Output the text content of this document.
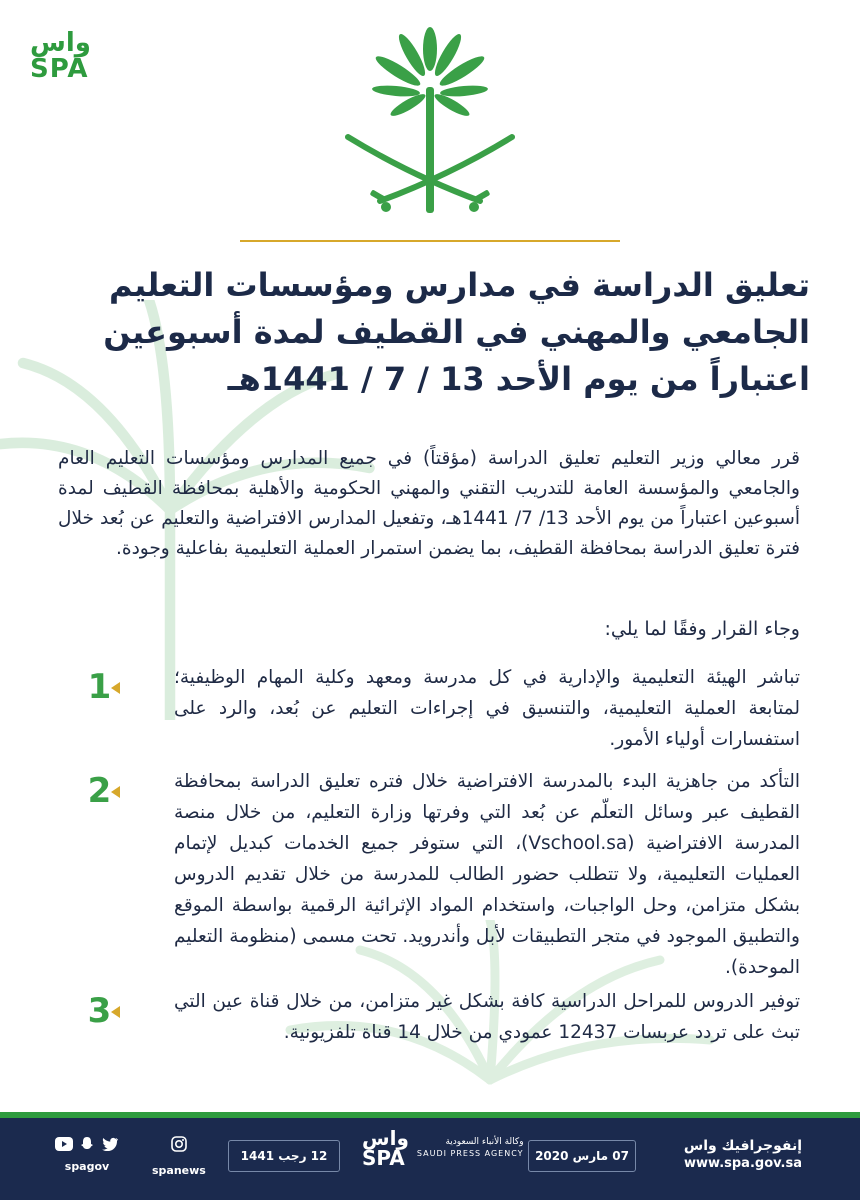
واس
SPA
تعليق الدراسة في مدارس ومؤسسات التعليم
الجامعي والمهني في القطيف لمدة أسبوعين
اعتباراً من يوم الأحد 13 / 7 / 1441هـ

قرر معالي وزير التعليم تعليق الدراسة (مؤقتاً) في جميع المدارس ومؤسسات التعليم العام والجامعي والمؤسسة العامة للتدريب التقني والمهني الحكومية والأهلية بمحافظة القطيف لمدة أسبوعين اعتباراً من يوم الأحد 13/ 7/ 1441هـ، وتفعيل المدارس الافتراضية والتعليم عن بُعد خلال فترة تعليق الدراسة بمحافظة القطيف، بما يضمن استمرار العملية التعليمية بفاعلية وجودة.

وجاء القرار وفقًا لما يلي:

1	تباشر الهيئة التعليمية والإدارية في كل مدرسة ومعهد وكلية المهام الوظيفية؛ لمتابعة العملية التعليمية، والتنسيق في إجراءات التعليم عن بُعد، والرد على استفسارات أولياء الأمور.

2	التأكد من جاهزية البدء بالمدرسة الافتراضية خلال فتره تعليق الدراسة بمحافظة القطيف عبر وسائل التعلّم عن بُعد التي وفرتها وزارة التعليم، من خلال منصة المدرسة الافتراضية (Vschool.sa)، التي ستوفر جميع الخدمات كبديل لإتمام العمليات التعليمية، ولا تتطلب حضور الطالب للمدرسة من خلال تقديم الدروس بشكل متزامن، وحل الواجبات، واستخدام المواد الإثرائية الرقمية بواسطة الموقع والتطبيق الموجود في متجر التطبيقات لأبل وأندرويد. تحت مسمى (منظومة التعليم الموحدة).

3	توفير الدروس للمراحل الدراسية كافة بشكل غير متزامن، من خلال قناة عين التي تبث على تردد عربسات 12437 عمودي من خلال 14 قناة تلفزيونية.

spagov	spanews
12 رجب 1441
واس
SPA
وكالة الأنباء السعودية
SAUDI PRESS AGENCY 07 مارس 2020
إنفوجرافيك واس
www.spa.gov.sa
